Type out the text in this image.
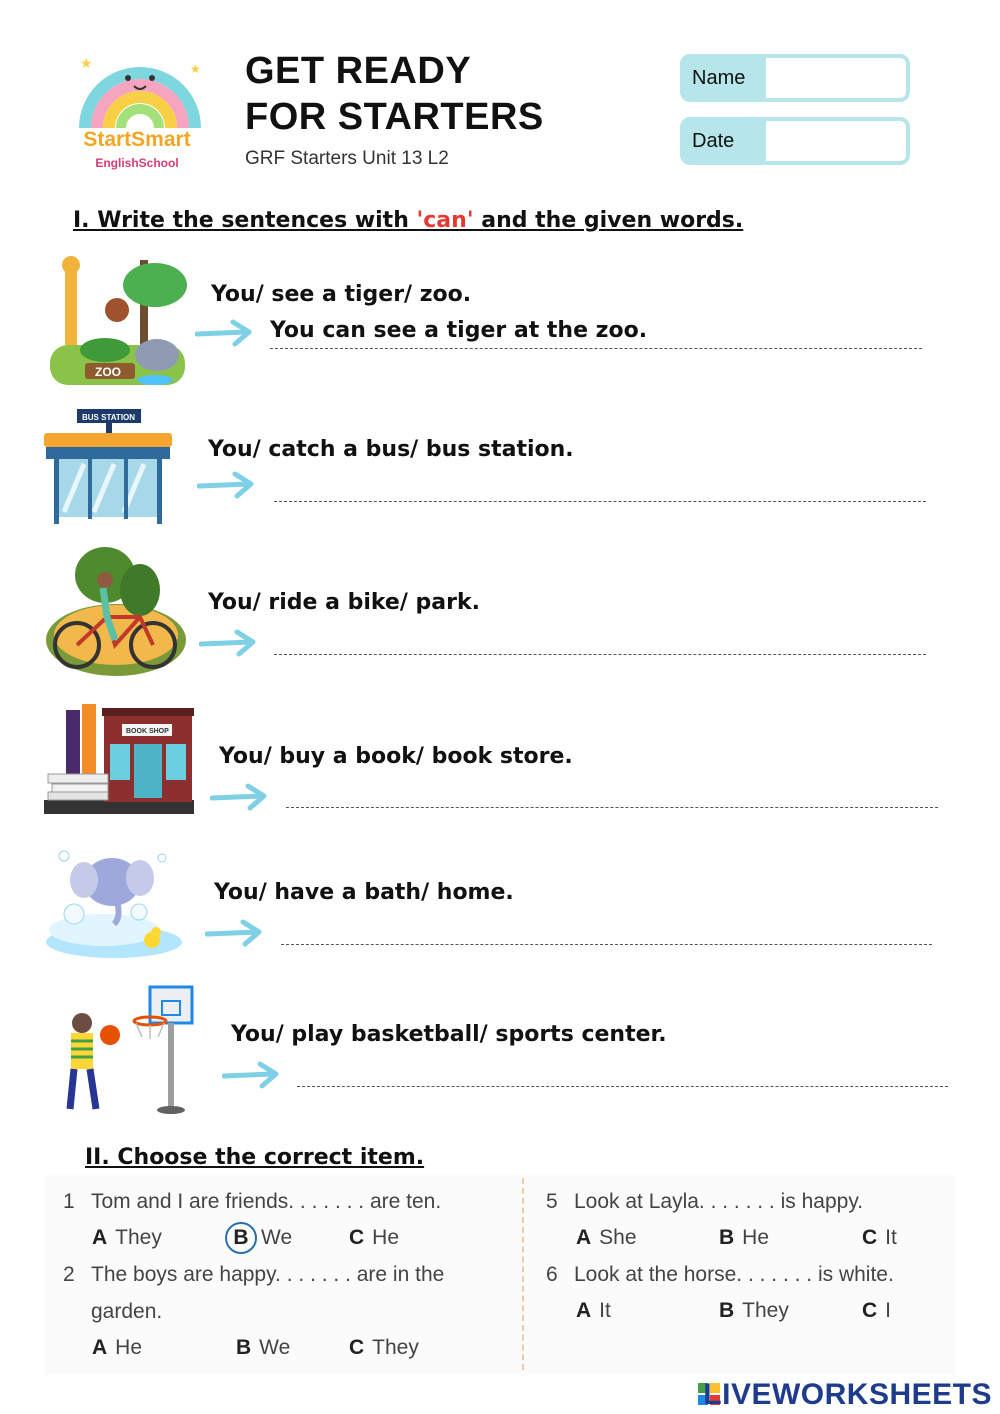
★	★
StartSmart
EnglishSchool
GET READY
FOR STARTERS
GRF Starters Unit 13 L2
Name
Date
I. Write the sentences with 'can' and the given words.
ZOO
You/ see a tiger/ zoo.
You can see a tiger at the zoo.
BUS STATION
You/ catch a bus/ bus station.
You/ ride a bike/ park.
BOOK SHOP
You/ buy a book/ book store.
You/ have a bath/ home.
You/ play basketball/ sports center.
II. Choose the correct item.
1 Tom and I are friends. . . . . . . are ten.
A They	B We	C He
2 The boys are happy. . . . . . . are in the
garden.
A He	B We	C They
5 Look at Layla. . . . . . . is happy.
A She	B He	C It
6 Look at the horse. . . . . . . is white.
A It	B They	C I
LIVEWORKSHEETS
